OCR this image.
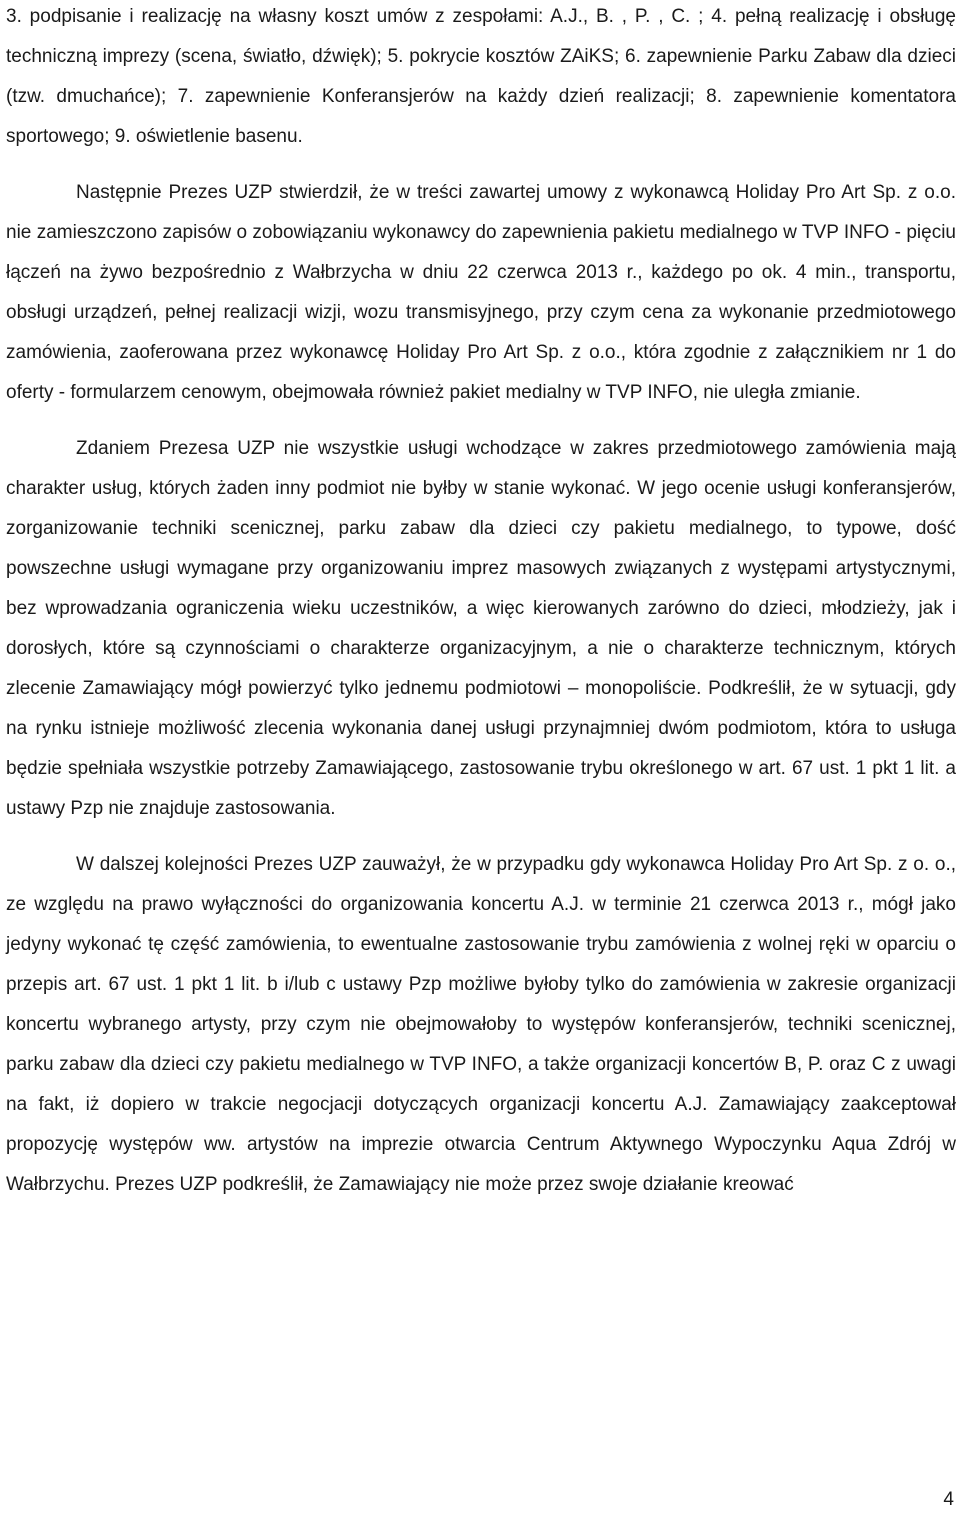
3. podpisanie i realizację na własny koszt umów z zespołami: A.J., B. , P. , C. ; 4. pełną realizację i obsługę techniczną imprezy (scena, światło, dźwięk); 5. pokrycie kosztów ZAiKS; 6. zapewnienie Parku Zabaw dla dzieci (tzw. dmuchańce); 7. zapewnienie Konferansjerów na każdy dzień realizacji; 8. zapewnienie komentatora sportowego; 9. oświetlenie basenu.

Następnie Prezes UZP stwierdził, że w treści zawartej umowy z wykonawcą Holiday Pro Art Sp. z o.o. nie zamieszczono zapisów o zobowiązaniu wykonawcy do zapewnienia pakietu medialnego w TVP INFO - pięciu łączeń na żywo bezpośrednio z Wałbrzycha w dniu 22 czerwca 2013 r., każdego po ok. 4 min., transportu, obsługi urządzeń, pełnej realizacji wizji, wozu transmisyjnego, przy czym cena za wykonanie przedmiotowego zamówienia, zaoferowana przez wykonawcę Holiday Pro Art Sp. z o.o., która zgodnie z załącznikiem nr 1 do oferty - formularzem cenowym, obejmowała również pakiet medialny w TVP INFO, nie uległa zmianie.

Zdaniem Prezesa UZP nie wszystkie usługi wchodzące w zakres przedmiotowego zamówienia mają charakter usług, których żaden inny podmiot nie byłby w stanie wykonać. W jego ocenie usługi konferansjerów, zorganizowanie techniki scenicznej, parku zabaw dla dzieci czy pakietu medialnego, to typowe, dość powszechne usługi wymagane przy organizowaniu imprez masowych związanych z występami artystycznymi, bez wprowadzania ograniczenia wieku uczestników, a więc kierowanych zarówno do dzieci, młodzieży, jak i dorosłych, które są czynnościami o charakterze organizacyjnym, a nie o charakterze technicznym, których zlecenie Zamawiający mógł powierzyć tylko jednemu podmiotowi – monopoliście. Podkreślił, że w sytuacji, gdy na rynku istnieje możliwość zlecenia wykonania danej usługi przynajmniej dwóm podmiotom, która to usługa będzie spełniała wszystkie potrzeby Zamawiającego, zastosowanie trybu określonego w art. 67 ust. 1 pkt 1 lit. a ustawy Pzp nie znajduje zastosowania.

W dalszej kolejności Prezes UZP zauważył, że w przypadku gdy wykonawca Holiday Pro Art Sp. z o. o., ze względu na prawo wyłączności do organizowania koncertu A.J. w terminie 21 czerwca 2013 r., mógł jako jedyny wykonać tę część zamówienia, to ewentualne zastosowanie trybu zamówienia z wolnej ręki w oparciu o przepis art. 67 ust. 1 pkt 1 lit. b i/lub c ustawy Pzp możliwe byłoby tylko do zamówienia w zakresie organizacji koncertu wybranego artysty, przy czym nie obejmowałoby to występów konferansjerów, techniki scenicznej, parku zabaw dla dzieci czy pakietu medialnego w TVP INFO, a także organizacji koncertów B, P. oraz C z uwagi na fakt, iż dopiero w trakcie negocjacji dotyczących organizacji koncertu A.J. Zamawiający zaakceptował propozycję występów ww. artystów na imprezie otwarcia Centrum Aktywnego Wypoczynku Aqua Zdrój w Wałbrzychu. Prezes UZP podkreślił, że Zamawiający nie może przez swoje działanie kreować

4
